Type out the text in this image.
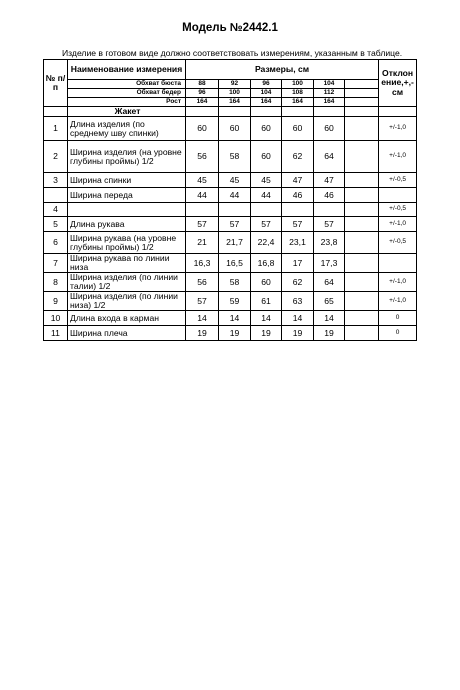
Модель №2442.1
Изделие в готовом виде должно соответствовать измерениям, указанным в таблице.
№ п/п	Наименование измерения	Размеры, см						Отклон ение,+,- см
	Обхват бюста	88	92	96	100	104		
	Обхват бедер	96	100	104	108	112		
	Рост	164	164	164	164	164		
	Жакет							
1	Длина изделия (по среднему шву спинки)	60	60	60	60	60		+/-1,0
2	Ширина изделия (на уровне глубины проймы) 1/2	56	58	60	62	64		+/-1,0
3	Ширина спинки	45	45	45	47	47		+/-0,5
	Ширина переда	44	44	44	46	46		
4								+/-0,5
5	Длина рукава	57	57	57	57	57		+/-1,0
6	Ширина рукава (на уровне глубины проймы) 1/2	21	21,7	22,4	23,1	23,8		+/-0,5
7	Ширина рукава по линии низа	16,3	16,5	16,8	17	17,3		
8	Ширина изделия (по линии талии) 1/2	56	58	60	62	64		+/-1,0
9	Ширина изделия (по линии низа) 1/2	57	59	61	63	65		+/-1,0
10	Длина входа в карман	14	14	14	14	14		0
11	Ширина плеча	19	19	19	19	19		0
